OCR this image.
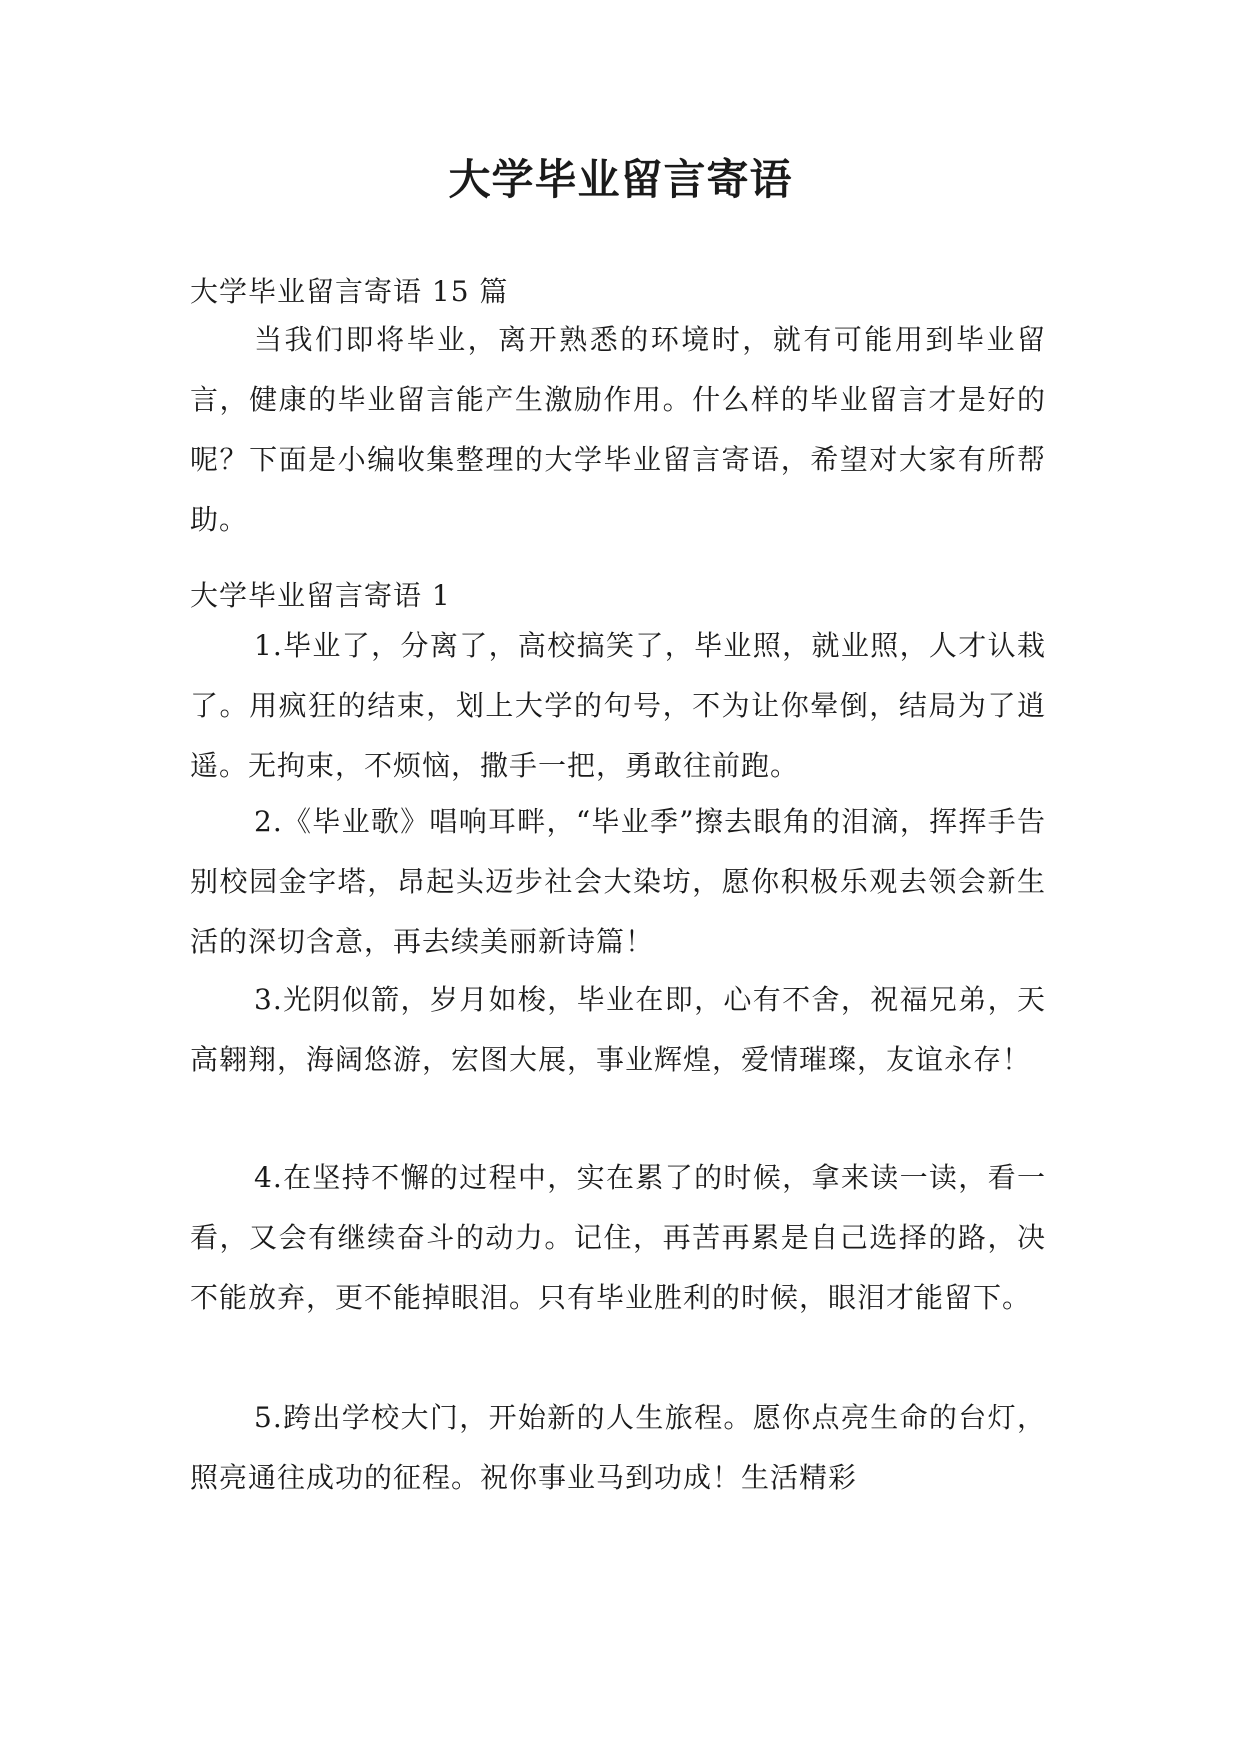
大学毕业留言寄语

大学毕业留言寄语 15 篇

当我们即将毕业，离开熟悉的环境时，就有可能用到毕业留言，健康的毕业留言能产生激励作用。什么样的毕业留言才是好的呢？下面是小编收集整理的大学毕业留言寄语，希望对大家有所帮助。

大学毕业留言寄语 1

1.毕业了，分离了，高校搞笑了，毕业照，就业照，人才认栽了。用疯狂的结束，划上大学的句号，不为让你晕倒，结局为了逍遥。无拘束，不烦恼，撒手一把，勇敢往前跑。

2.《毕业歌》唱响耳畔，“毕业季”擦去眼角的泪滴，挥挥手告别校园金字塔，昂起头迈步社会大染坊，愿你积极乐观去领会新生活的深切含意，再去续美丽新诗篇！

3.光阴似箭，岁月如梭，毕业在即，心有不舍，祝福兄弟，天高翱翔，海阔悠游，宏图大展，事业辉煌，爱情璀璨，友谊永存！

4.在坚持不懈的过程中，实在累了的时候，拿来读一读，看一看，又会有继续奋斗的动力。记住，再苦再累是自己选择的路，决不能放弃，更不能掉眼泪。只有毕业胜利的时候，眼泪才能留下。

5.跨出学校大门，开始新的人生旅程。愿你点亮生命的台灯，照亮通往成功的征程。祝你事业马到功成！生活精彩
